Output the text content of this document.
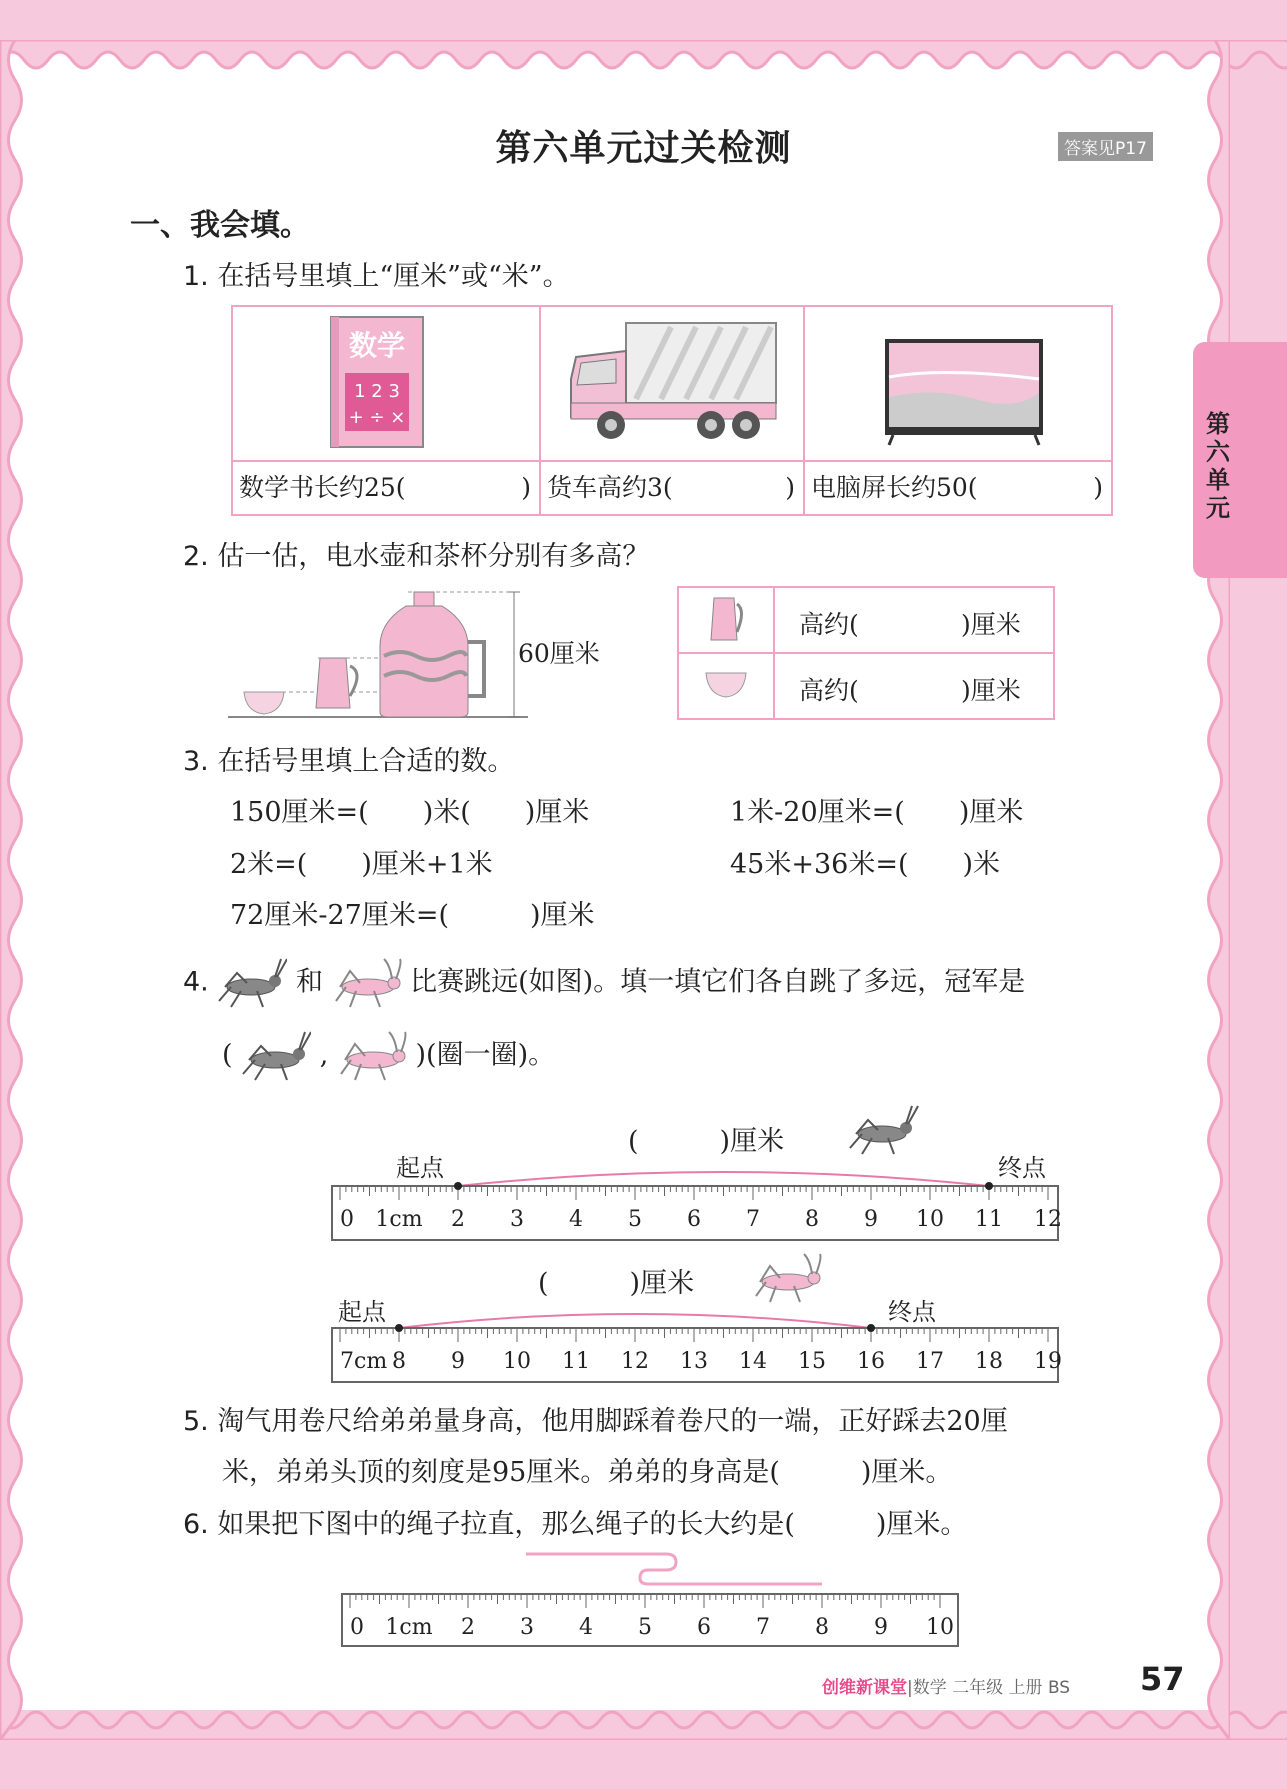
第六单元过关检测	答案见P17
第
六
单
元
一、我会填。
1. 在括号里填上“厘米”或“米”。
数学
1 2 3
+ ÷ ×

数学书长约25( )	货车高约3( )	电脑屏长约50( )
2. 估一估，电水壶和茶杯分别有多高？
60厘米

高约( )厘米

高约( )厘米
3. 在括号里填上合适的数。
150厘米=(　　)米(　　)厘米	1米-20厘米=(　　)厘米
2米=(　　)厘米+1米	45米+36米=(　　)米
72厘米-27厘米=(　　　)厘米
4.	和	比赛跳远(如图)。填一填它们各自跳了多远，冠军是
(	,	)(圈一圈)。
(　　　)厘米
起点	终点
0 1cm 2 3 4 5 6 7 8 9 10 11 12
(　　　)厘米
起点	终点
7cm 8 9 10 11 12 13 14 15 16 17 18 19
5. 淘气用卷尺给弟弟量身高，他用脚踩着卷尺的一端，正好踩去20厘
米，弟弟头顶的刻度是95厘米。弟弟的身高是(　　　)厘米。
6. 如果把下图中的绳子拉直，那么绳子的长大约是(　　　)厘米。
0 1cm 2 3 4 5 6 7 8 9 10
创维新课堂|数学 二年级 上册 BS 57
